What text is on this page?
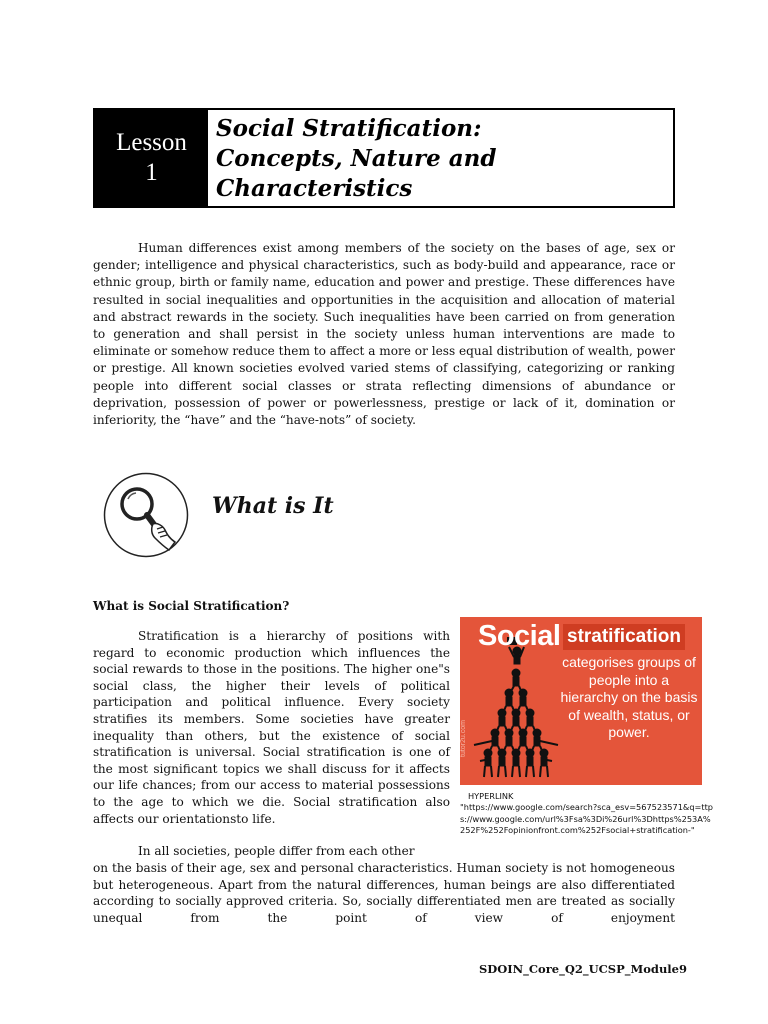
Lesson
1
Social Stratification:
Concepts, Nature and
Characteristics

Human differences exist among members of the society on the bases of age, sex or gender; intelligence and physical characteristics, such as body-build and appearance, race or ethnic group, birth or family name, education and power and prestige. These differences have resulted in social inequalities and opportunities in the acquisition and allocation of material and abstract rewards in the society. Such inequalities have been carried on from generation to generation and shall persist in the society unless human interventions are made to eliminate or somehow reduce them to affect a more or less equal distribution of wealth, power or prestige. All known societies evolved varied stems of classifying, categorizing or ranking people into different social classes or strata reflecting dimensions of abundance or deprivation, possession of power or powerlessness, prestige or lack of it, domination or inferiority, the “have” and the “have-nots” of society.

What is It
What is Social Stratification?

Stratification is a hierarchy of positions with regard to economic production which influences the social rewards to those in the positions. The higher one"s social class, the higher their levels of political participation and political influence. Every society stratifies its members. Some societies have greater inequality than others, but the existence of social stratification is universal. Social stratification is one of the most significant topics we shall discuss for it affects our life chances; from our access to material possessions to the age to which we die. Social stratification also affects our orientationsto life.

Social stratification
categorises groups of people into a hierarchy on the basis of wealth, status, or power.
tutor2u.com
HYPERLINK
"https://www.google.com/search?sca_esv=567523571&q=ttps://www.google.com/url%3Fsa%3Di%26url%3Dhttps%253A%252F%252Fopinionfront.com%252Fsocial+stratification-"

In all societies, people differ from each other

on the basis of their age, sex and personal characteristics. Human society is not homogeneous but heterogeneous. Apart from the natural differences, human beings are also differentiated according to socially approved criteria. So, socially differentiated men are treated as socially unequal from the point of view of enjoyment

SDOIN_Core_Q2_UCSP_Module9
